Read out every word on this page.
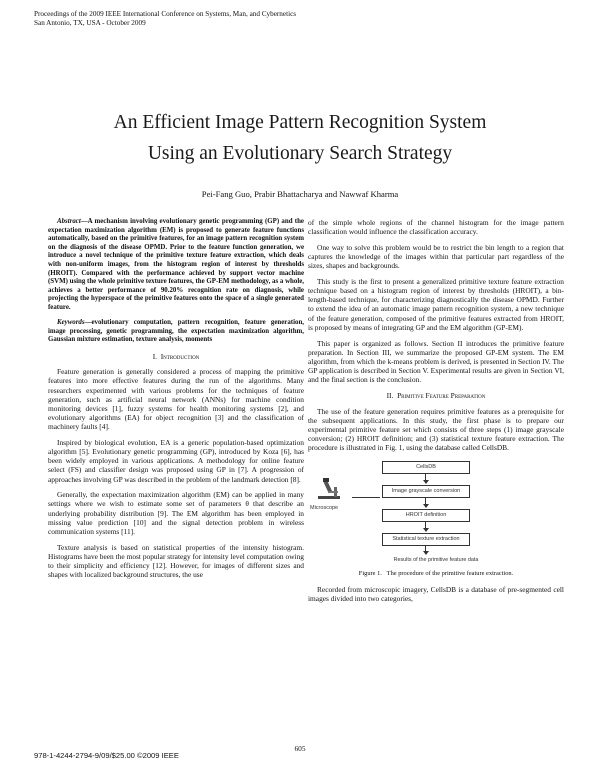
Proceedings of the 2009 IEEE International Conference on Systems, Man, and Cybernetics
San Antonio, TX, USA - October 2009
An Efficient Image Pattern Recognition System
Using an Evolutionary Search Strategy
Pei-Fang Guo, Prabir Bhattacharya and Nawwaf Kharma

Abstract—A mechanism involving evolutionary genetic programming (GP) and the expectation maximization algorithm (EM) is proposed to generate feature functions automatically, based on the primitive features, for an image pattern recognition system on the diagnosis of the disease OPMD. Prior to the feature function generation, we introduce a novel technique of the primitive texture feature extraction, which deals with non-uniform images, from the histogram region of interest by thresholds (HROIT). Compared with the performance achieved by support vector machine (SVM) using the whole primitive texture features, the GP-EM methodology, as a whole, achieves a better performance of 90.20% recognition rate on diagnosis, while projecting the hyperspace of the primitive features onto the space of a single generated feature.

Keywords—evolutionary computation, pattern recognition, feature generation, image processing, genetic programming, the expectation maximization algorithm, Gaussian mixture estimation, texture analysis, moments

I. Introduction

Feature generation is generally considered a process of mapping the primitive features into more effective features during the run of the algorithms. Many researchers experimented with various problems for the techniques of feature generation, such as artificial neural network (ANNs) for machine condition monitoring devices [1], fuzzy systems for health monitoring systems [2], and evolutionary algorithms (EA) for object recognition [3] and the classification of machinery faults [4].

Inspired by biological evolution, EA is a generic population-based optimization algorithm [5]. Evolutionary genetic programming (GP), introduced by Koza [6], has been widely employed in various applications. A methodology for online feature select (FS) and classifier design was proposed using GP in [7]. A progression of approaches involving GP was described in the problem of the landmark detection [8].

Generally, the expectation maximization algorithm (EM) can be applied in many settings where we wish to estimate some set of parameters θ that describe an underlying probability distribution [9]. The EM algorithm has been employed in missing value prediction [10] and the signal detection problem in wireless communication systems [11].

Texture analysis is based on statistical properties of the intensity histogram. Histograms have been the most popular strategy for intensity level computation owing to their simplicity and efficiency [12]. However, for images of different sizes and shapes with localized background structures, the use

of the simple whole regions of the channel histogram for the image pattern classification would influence the classification accuracy.

One way to solve this problem would be to restrict the bin length to a region that captures the knowledge of the images within that particular part regardless of the sizes, shapes and backgrounds.

This study is the first to present a generalized primitive texture feature extraction technique based on a histogram region of interest by thresholds (HROIT), a bin-length-based technique, for characterizing diagnostically the disease OPMD. Further to extend the idea of an automatic image pattern recognition system, a new technique of the feature generation, composed of the primitive features extracted from HROIT, is proposed by means of integrating GP and the EM algorithm (GP-EM).

This paper is organized as follows. Section II introduces the primitive feature preparation. In Section III, we summarize the proposed GP-EM system. The EM algorithm, from which the k-means problem is derived, is presented in Section IV. The GP application is described in Section V. Experimental results are given in Section VI, and the final section is the conclusion.

II. Primitive Feature Preparation

The use of the feature generation requires primitive features as a prerequisite for the subsequent applications. In this study, the first phase is to prepare our experimental primitive feature set which consists of three steps (1) image grayscale conversion; (2) HROIT definition; and (3) statistical texture feature extraction. The procedure is illustrated in Fig. 1, using the database called CellsDB.

Microscope
CellsDB
Image grayscale conversion
HROIT definition
Statistical texture extraction
Results of the primitive feature data

Figure 1. The procedure of the primitive feature extraction.

Recorded from microscopic imagery, CellsDB is a database of pre-segmented cell images divided into two categories,

605
978-1-4244-2794-9/09/$25.00 ©2009 IEEE
